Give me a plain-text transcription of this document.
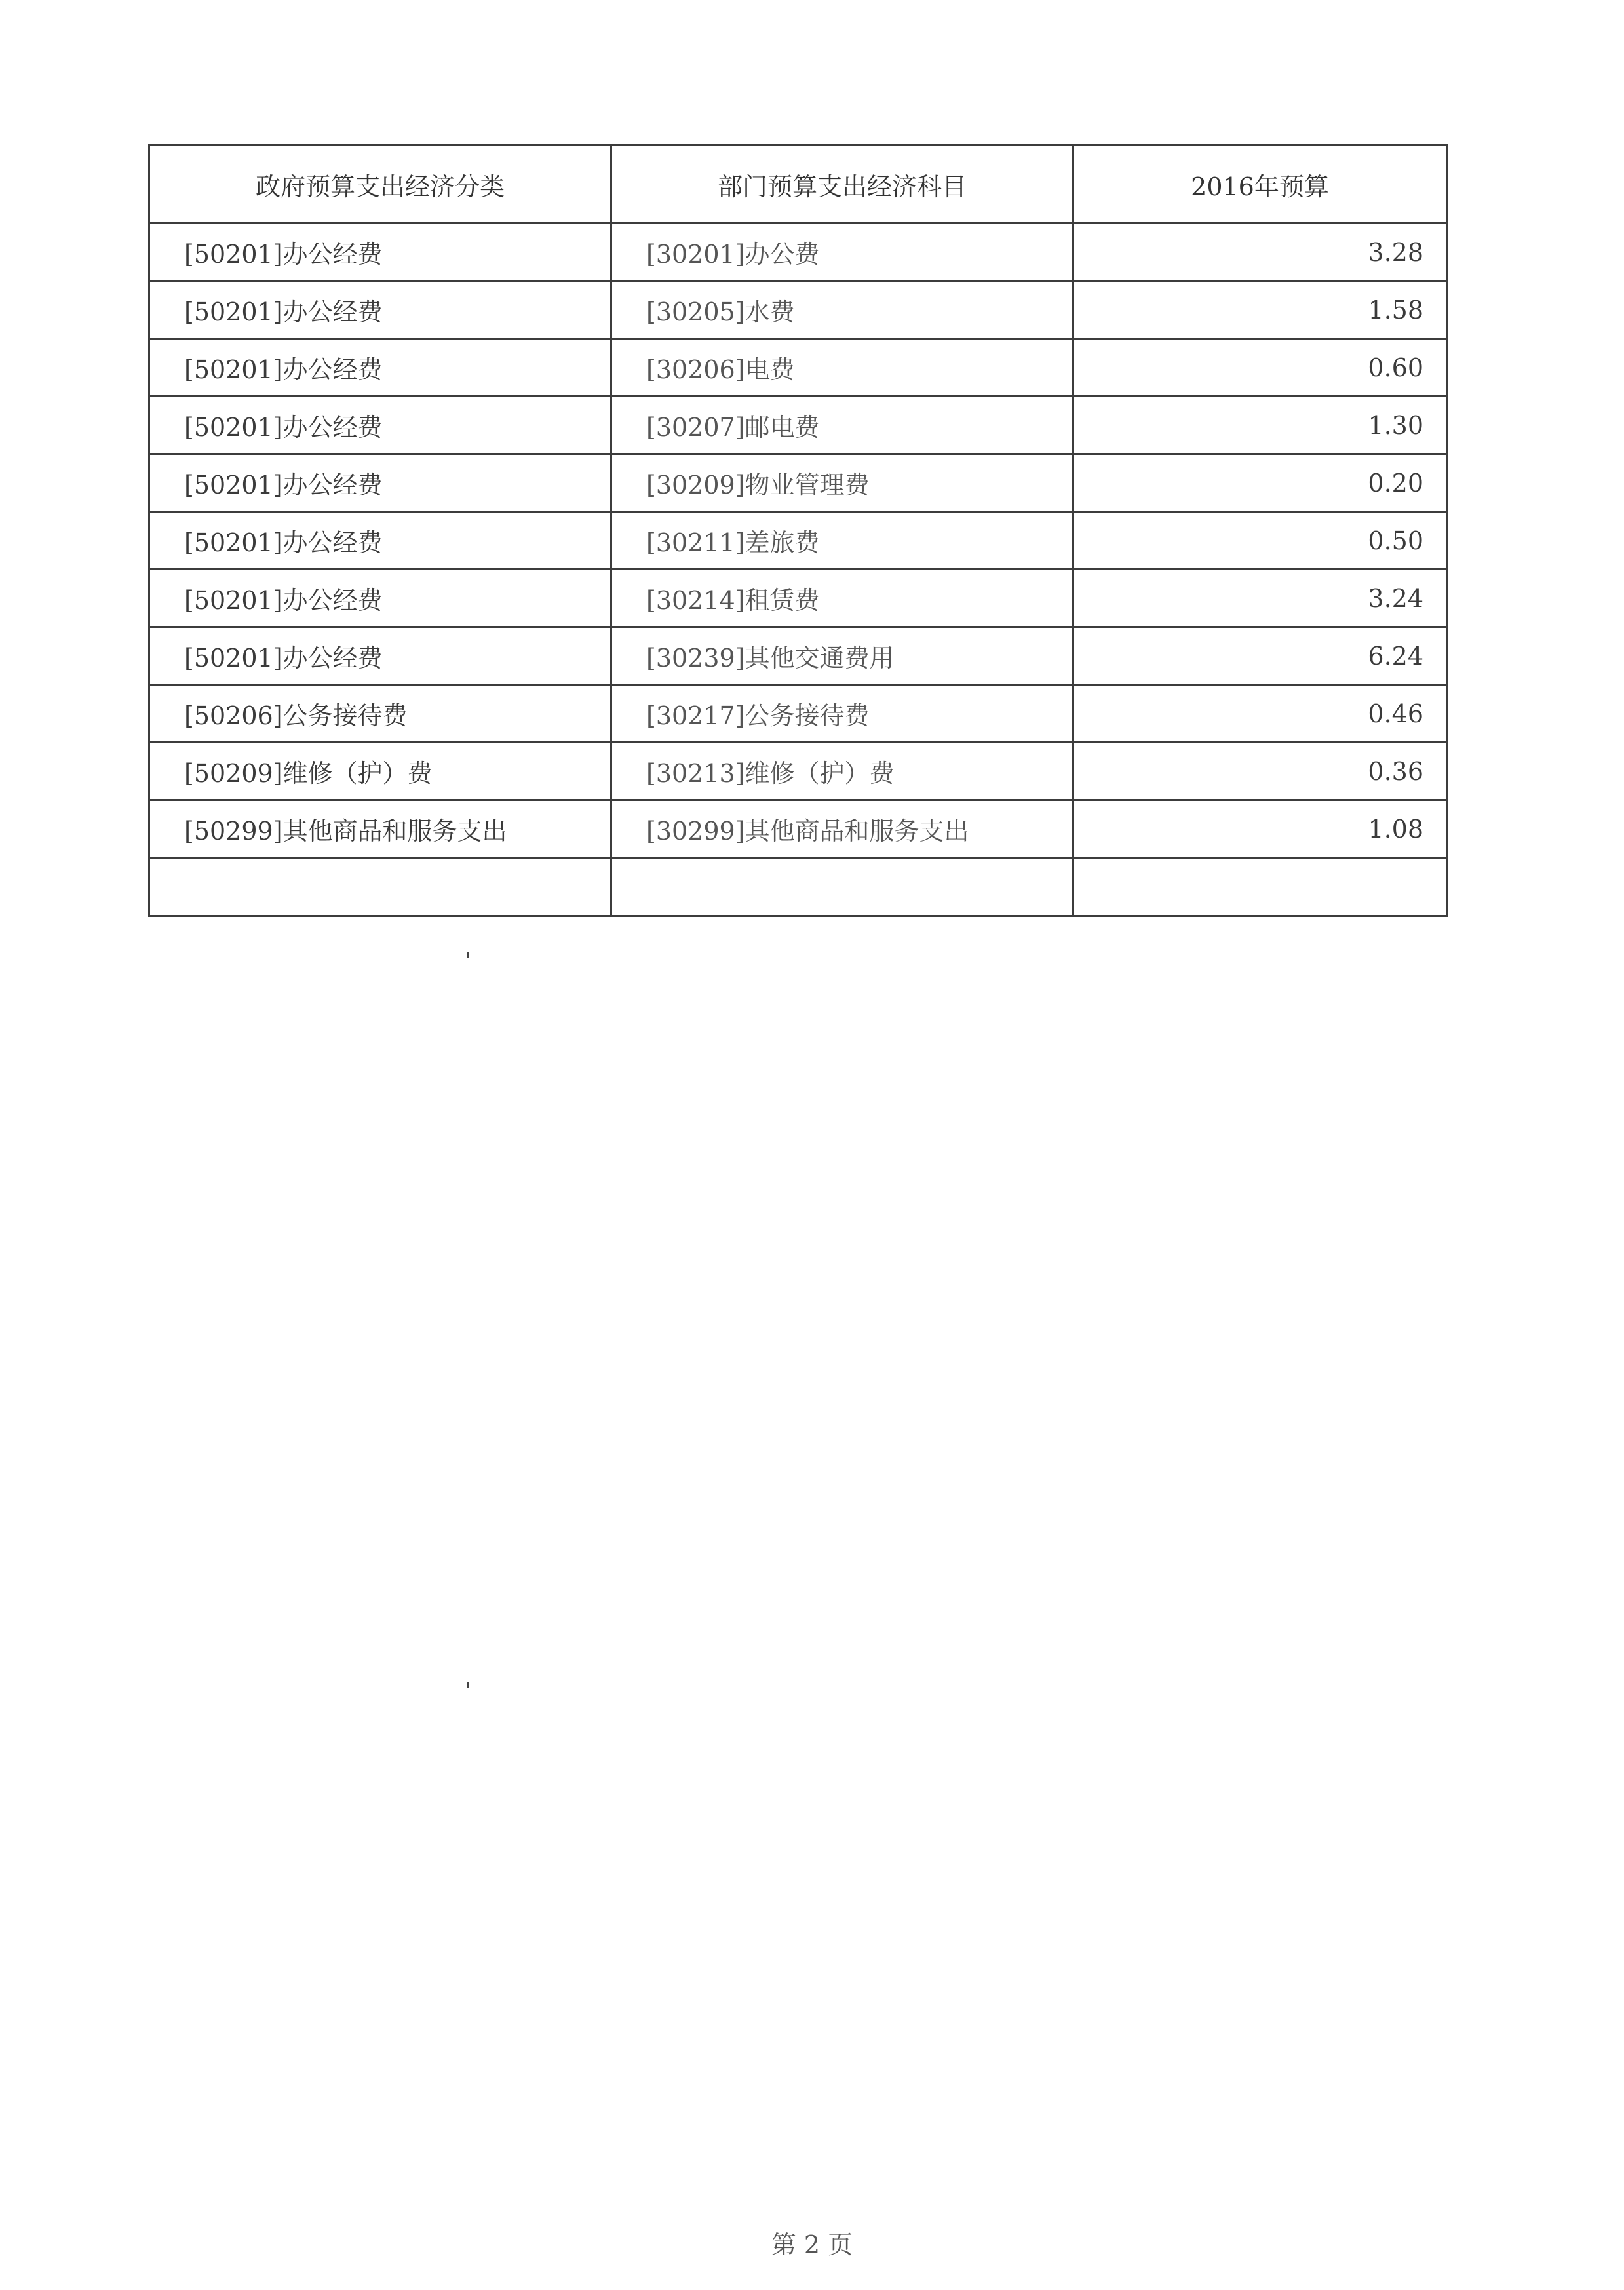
政府预算支出经济分类	部门预算支出经济科目	2016年预算
[50201]办公经费	[30201]办公费	3.28
[50201]办公经费	[30205]水费	1.58
[50201]办公经费	[30206]电费	0.60
[50201]办公经费	[30207]邮电费	1.30
[50201]办公经费	[30209]物业管理费	0.20
[50201]办公经费	[30211]差旅费	0.50
[50201]办公经费	[30214]租赁费	3.24
[50201]办公经费	[30239]其他交通费用	6.24
[50206]公务接待费	[30217]公务接待费	0.46
[50209]维修（护）费	[30213]维修（护）费	0.36
[50299]其他商品和服务支出	[30299]其他商品和服务支出	1.08

第 2 页
